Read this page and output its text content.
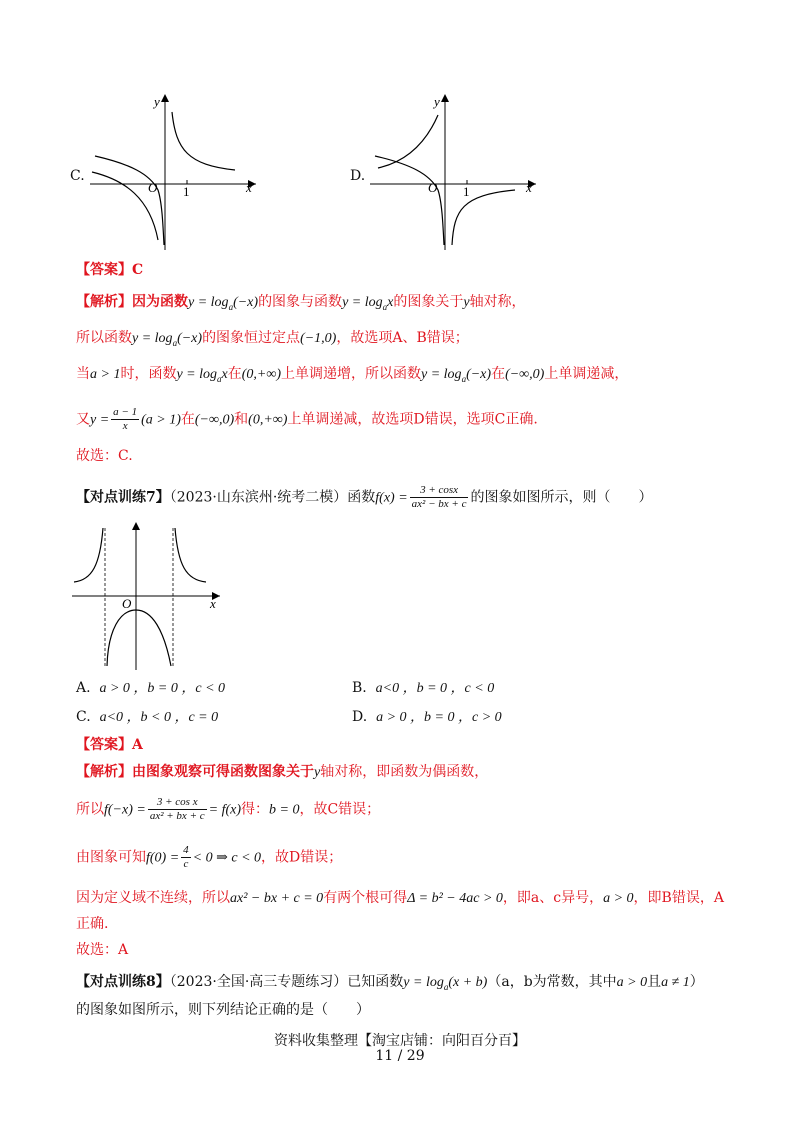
C.
y
x
O 1
D.
y
x
O 1
【答案】C
【解析】因为函数$y = \log_a(-x)$的图象与函数$y = \log_ax$的图象关于y轴对称，
所以函数$y = \log_a(-x)$的图象恒过定点(−1,0)，故选项A、B错误；
当a > 1时，函数$y = \log_ax$在(0,+∞)上单调递增，所以函数$y = \log_a(-x)$在(−∞,0)上单调递减，
又$y = \frac{a - 1}{x} (a > 1)$在(−∞,0)和(0,+∞)上单调递减，故选项D错误，选项C正确.
故选：C.
【对点训练7】（2023·山东滨州·统考二模）函数$f(x) = \frac{3 + \cos x}{\text{ax² − bx + c}}$ 的图象如图所示，则（　　）
x
O
A. a > 0 ，b = 0 ，c < 0	B. a<0 ，b = 0 ，c < 0
C. a<0 ，b < 0 ，c = 0	D. a > 0 ，b = 0 ，c > 0
【答案】A
【解析】由图象观察可得函数图象关于y轴对称，即函数为偶函数，
所以$f(-x) = \frac{\text{3 + cos x}}{\text{ax² + bx + c}} = f(x)$得：b = 0，故C错误；
由图象可知$f(0) = \frac{4}{c} < 0$ ⇒ c < 0，故D错误；
因为定义域不连续，所以ax² − bx + c = 0有两个根可得Δ = b² − 4ac > 0，即a、c异号，a > 0，即B错误，A
正确.
故选：A
【对点训练8】（2023·全国·高三专题练习）已知函数$y = \log_a(x + b)(a$，b为常数，其中a > 0且a ≠ 1）
的图象如图所示，则下列结论正确的是（　　）
资料收集整理【淘宝店铺：向阳百分百】
11 / 29
